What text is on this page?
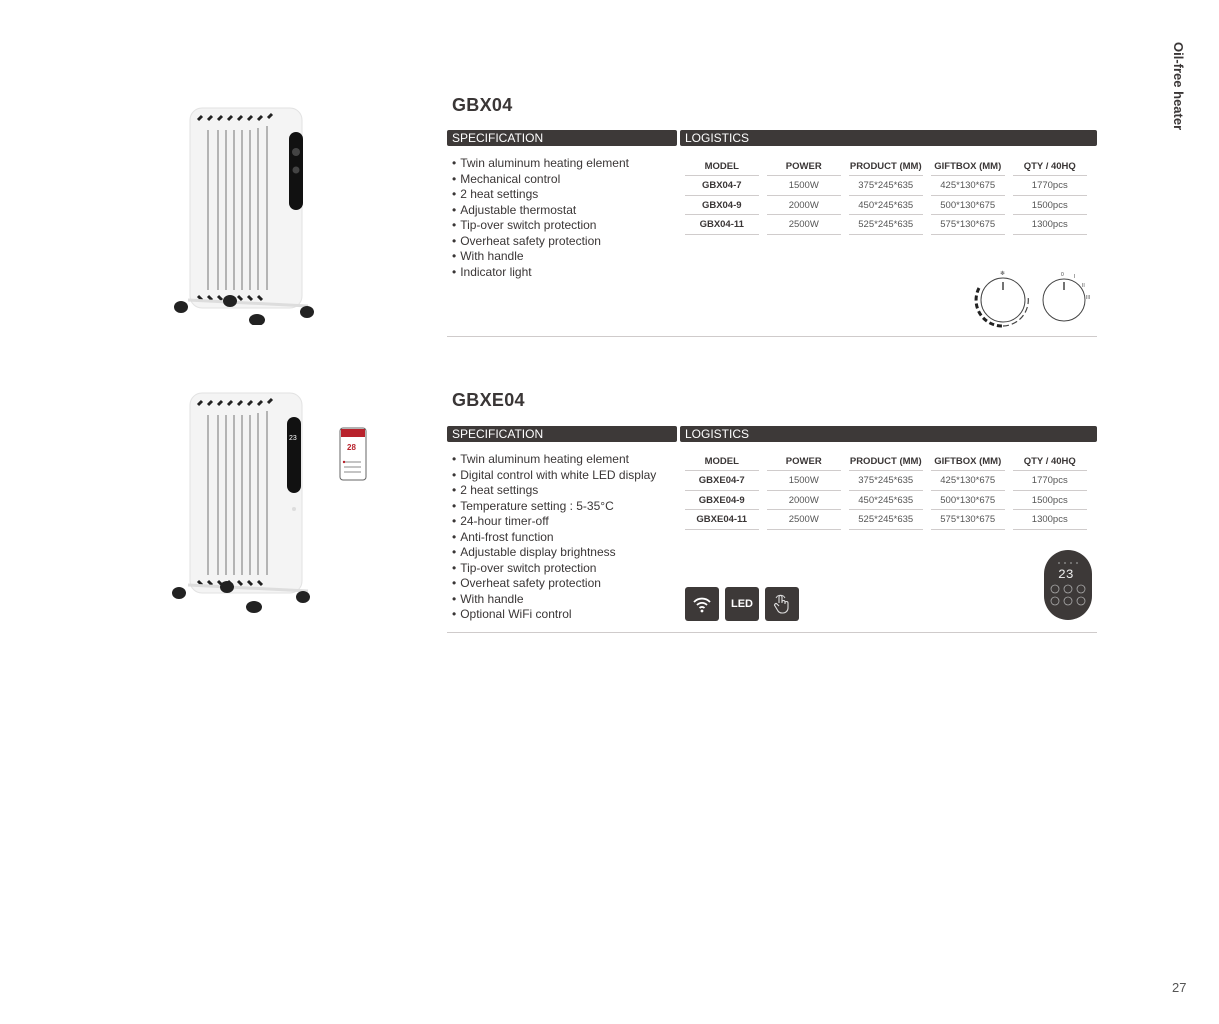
Oil-free heater
27
GBX04
SPECIFICATION	LOGISTICS
• Twin aluminum heating element
• Mechanical control
• 2 heat settings
• Adjustable thermostat
• Tip-over switch protection
• Overheat safety protection
• With handle
• Indicator light
MODEL	POWER	PRODUCT (MM)	GIFTBOX (MM)	QTY / 40HQ
GBX04-7	1500W	375*245*635	425*130*675	1770pcs
GBX04-9	2000W	450*245*635	500*130*675	1500pcs
GBX04-11	2500W	525*245*635	575*130*675	1300pcs
❄	0 I
II
III
23
28
GBXE04
SPECIFICATION	LOGISTICS
• Twin aluminum heating element
• Digital control with white LED display
• 2 heat settings
• Temperature setting : 5-35°C
• 24-hour timer-off
• Anti-frost function
• Adjustable display brightness
• Tip-over switch protection
• Overheat safety protection
• With handle
• Optional WiFi control
MODEL	POWER	PRODUCT (MM)	GIFTBOX (MM)	QTY / 40HQ
GBXE04-7	1500W	375*245*635	425*130*675	1770pcs
GBXE04-9	2000W	450*245*635	500*130*675	1500pcs
GBXE04-11	2500W	525*245*635	575*130*675	1300pcs
LED
23
